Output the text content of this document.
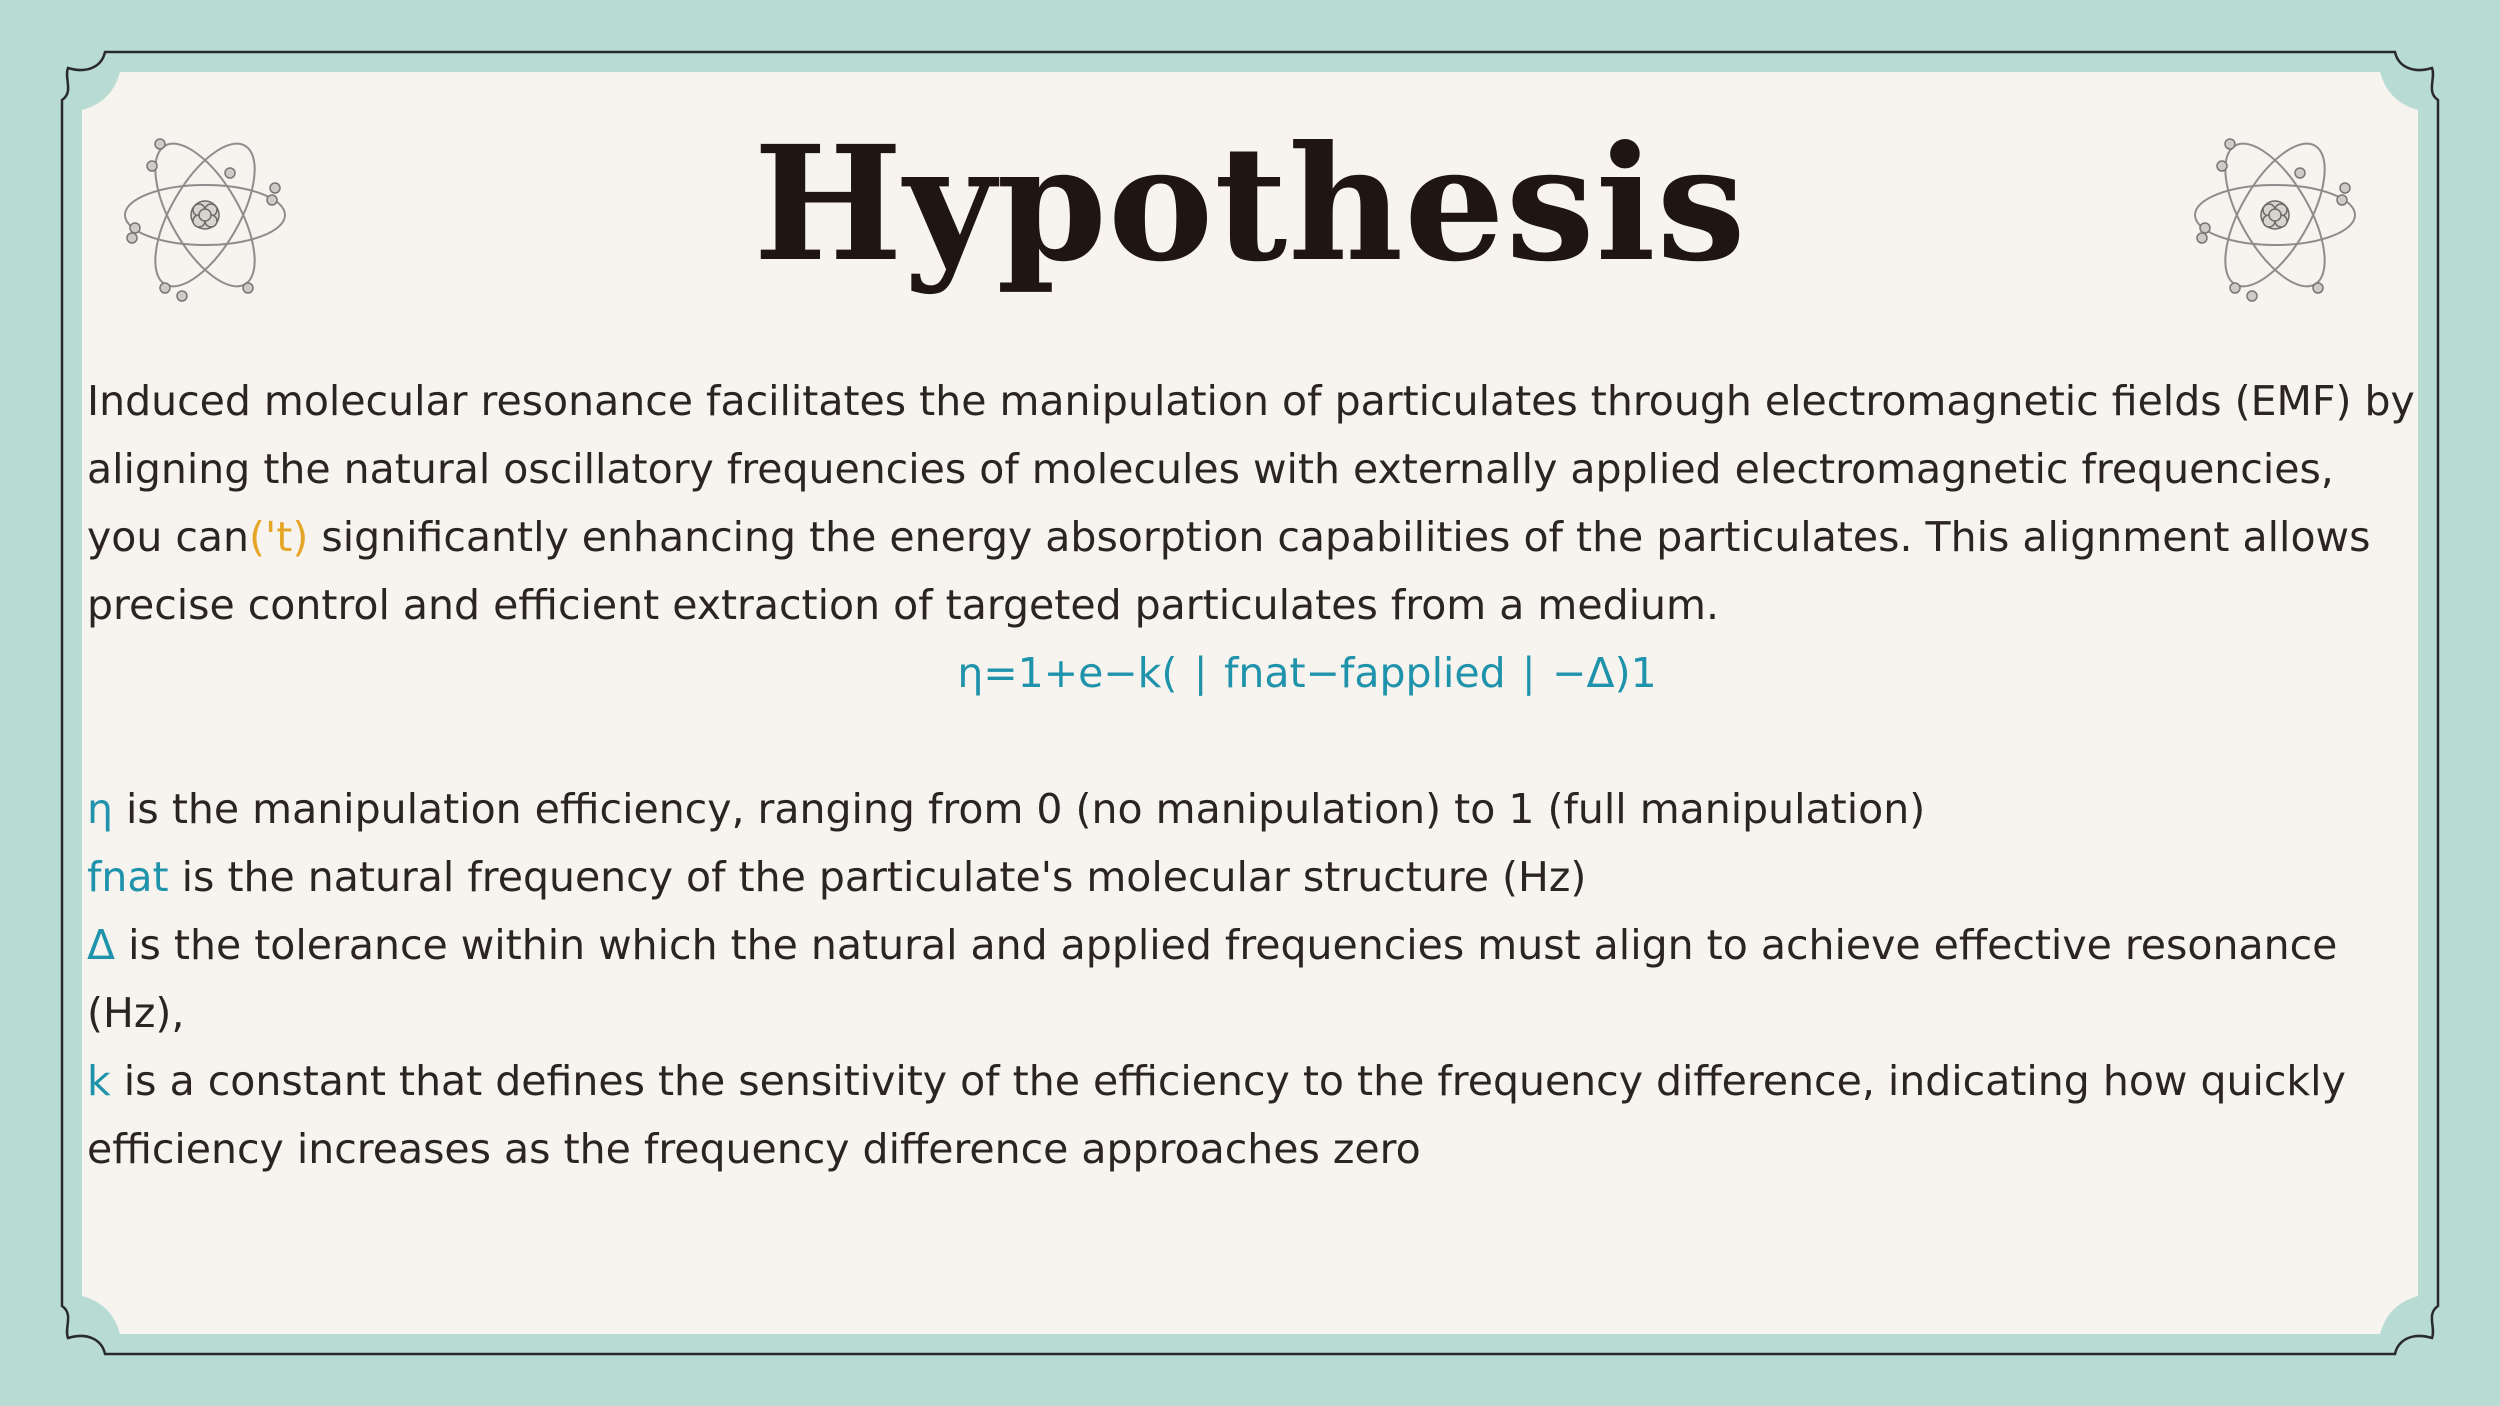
Hypothesis

Induced molecular resonance facilitates the manipulation of particulates through electromagnetic fields (EMF) by aligning the natural oscillatory frequencies of molecules with externally applied electromagnetic frequencies, you can('t) significantly enhancing the energy absorption capabilities of the particulates. This alignment allows precise control and efficient extraction of targeted particulates from a medium.

η=1+e−k( ∣ fnat−fapplied ∣ −Δ)1

η is the manipulation efficiency, ranging from 0 (no manipulation) to 1 (full manipulation)

fnat is the natural frequency of the particulate's molecular structure (Hz)

Δ is the tolerance within which the natural and applied frequencies must align to achieve effective resonance (Hz),

k is a constant that defines the sensitivity of the efficiency to the frequency difference, indicating how quickly efficiency increases as the frequency difference approaches zero
